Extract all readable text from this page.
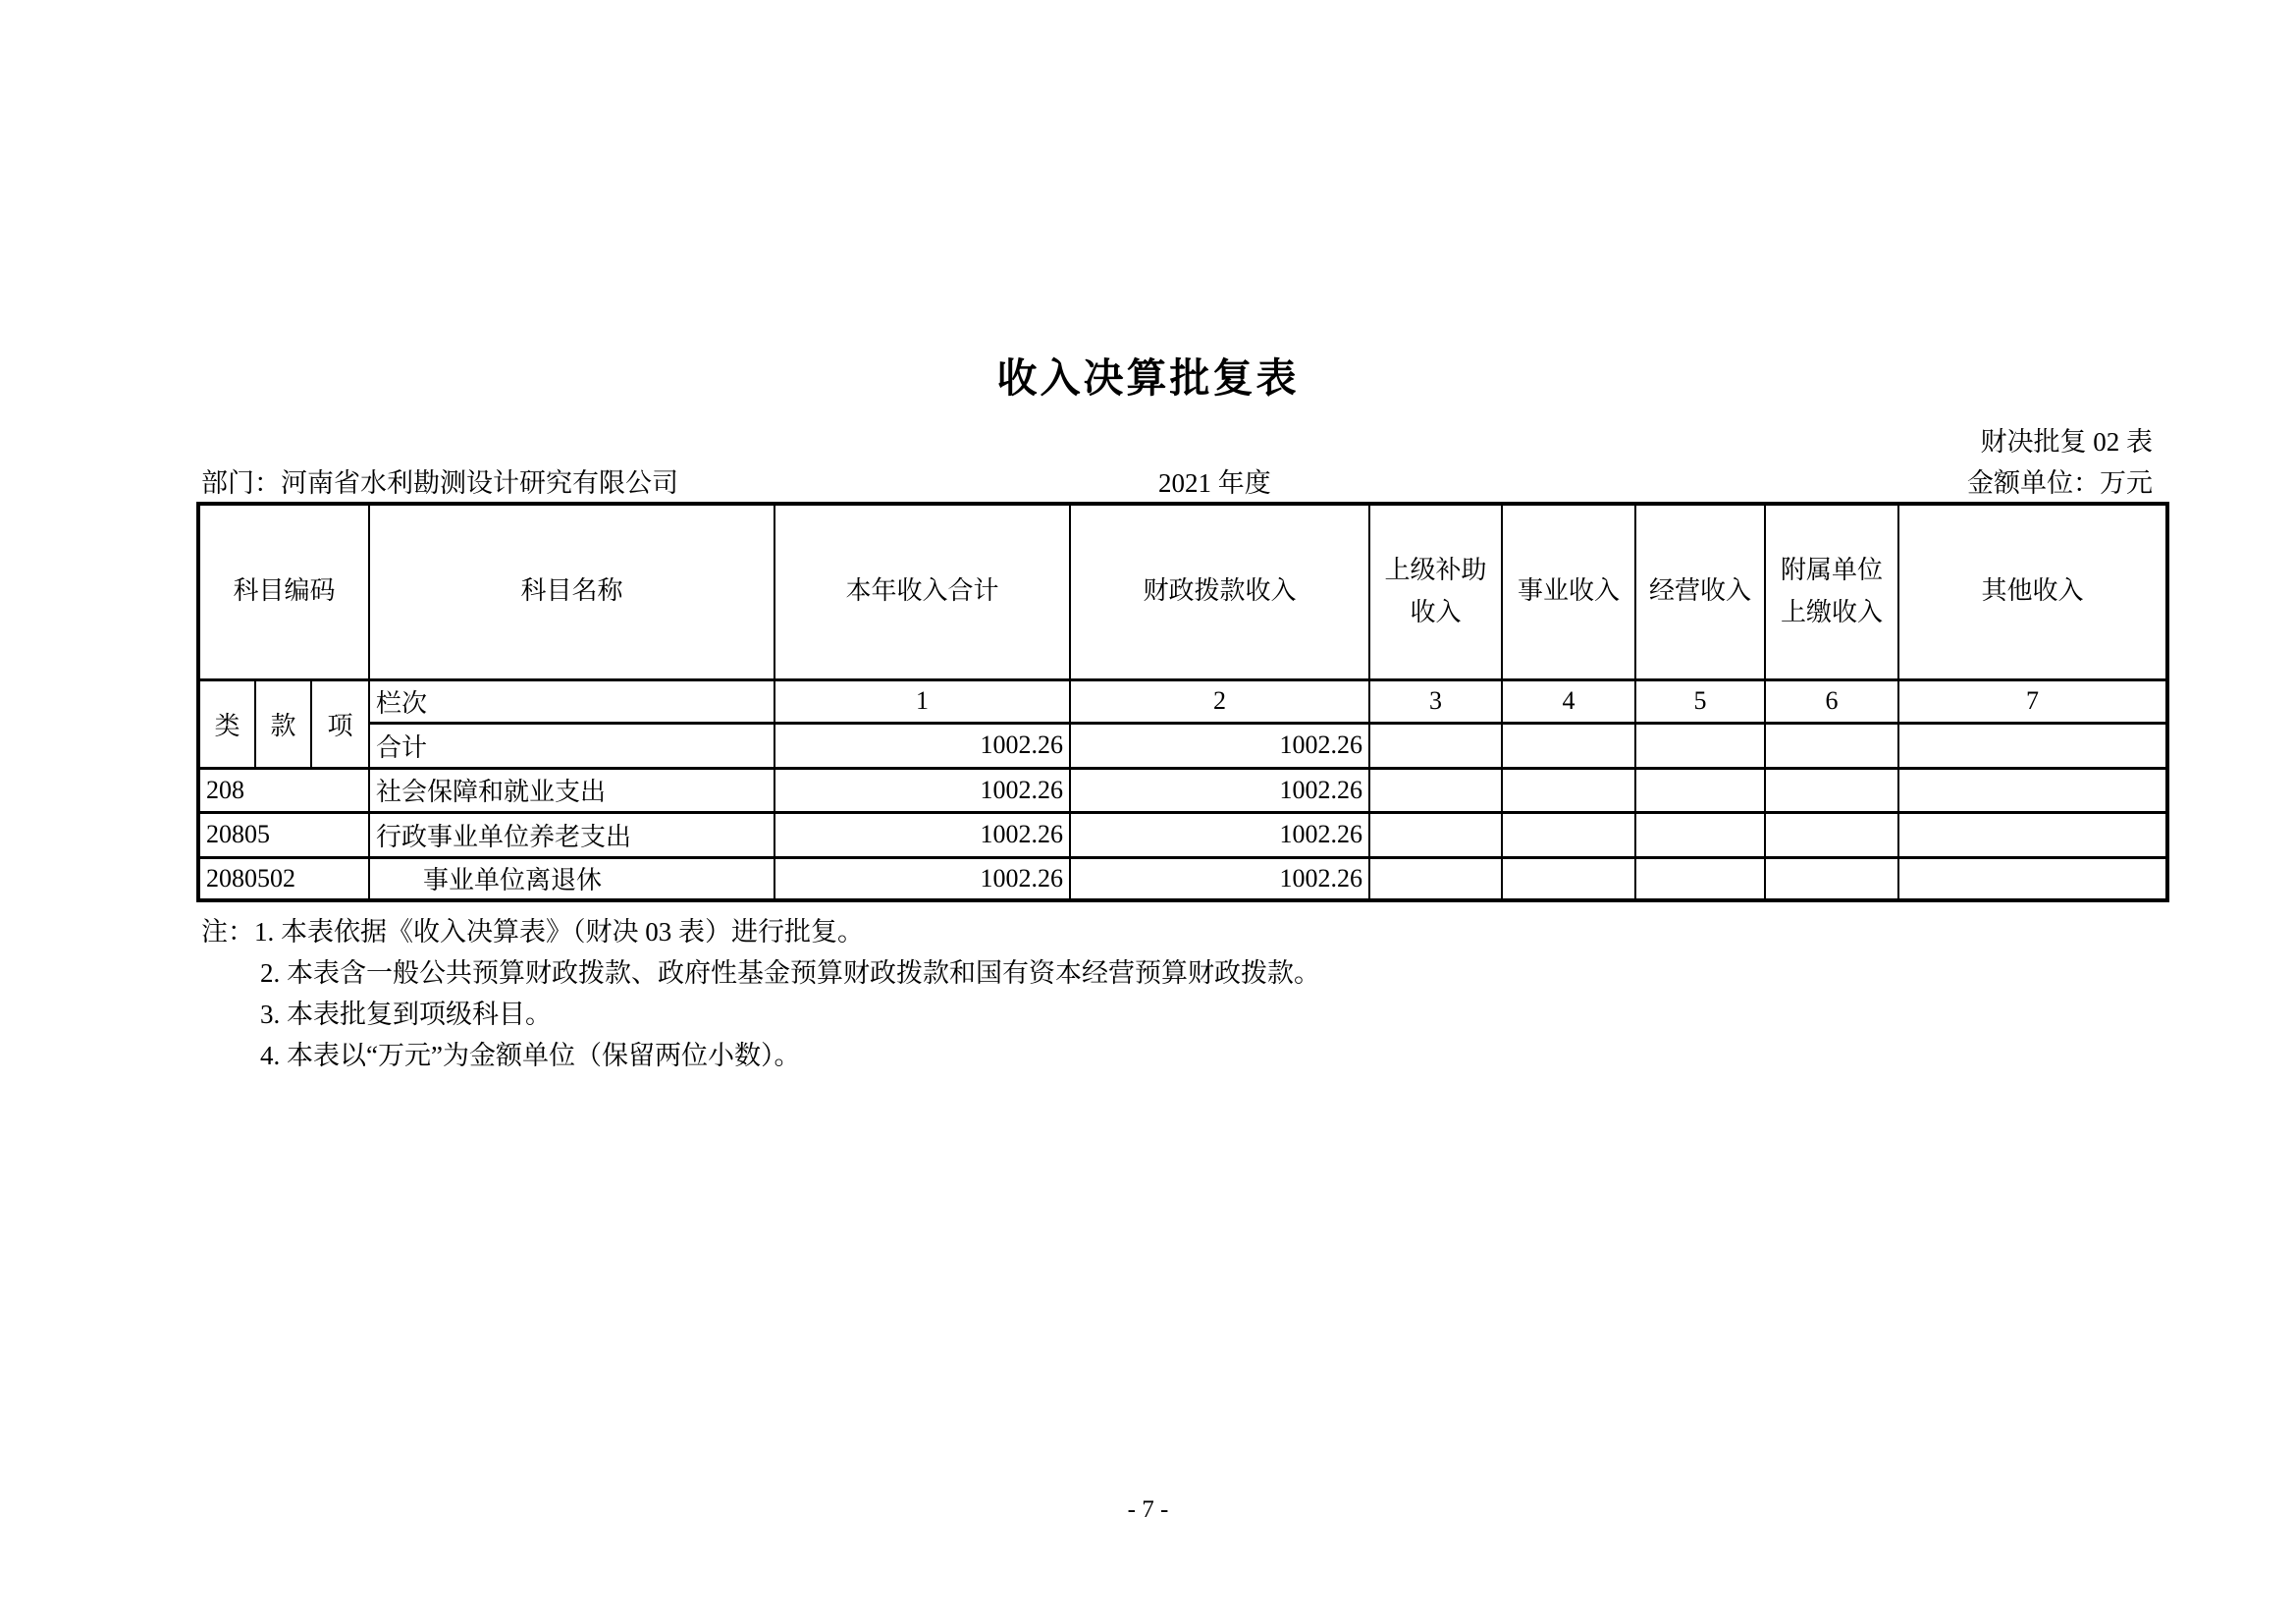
收入决算批复表
财决批复 02 表
部门：河南省水利勘测设计研究有限公司	2021 年度	金额单位：万元
科目编码			科目名称	本年收入合计	财政拨款收入	上级补助收入	事业收入	经营收入	附属单位上缴收入	其他收入
类	款	项	栏次	1	2	3	4	5	6	7
			合计	1002.26	1002.26					
208			社会保障和就业支出	1002.26	1002.26					
20805			行政事业单位养老支出	1002.26	1002.26					
2080502			事业单位离退休	1002.26	1002.26					
注：1. 本表依据《收入决算表》（财决 03 表）进行批复。
2. 本表含一般公共预算财政拨款、政府性基金预算财政拨款和国有资本经营预算财政拨款。
3. 本表批复到项级科目。
4. 本表以“万元”为金额单位（保留两位小数）。
- 7 -
